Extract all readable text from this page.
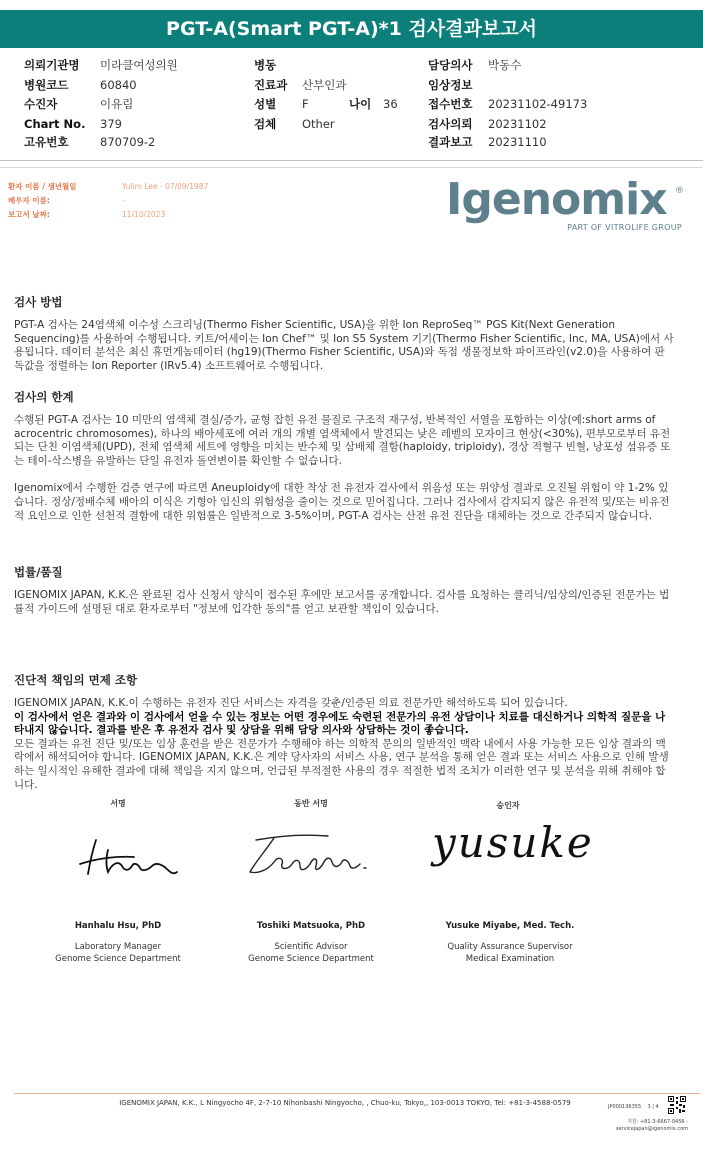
PGT-A(Smart PGT-A)*1 검사결과보고서
의뢰기관명 미라클여성의원
병원코드	60840
수진자	이유림
Chart No. 379
고유번호	870709-2
병동
진료과 산부인과
성별 F	나이 36
검체 Other
담당의사 박동수
임상정보
접수번호 20231102-49173
검사의뢰 20231102
결과보고 20231110
환자 이름 / 생년월일	Yulim Lee - 07/09/1987
배우자 이름:	-
보고서 날짜:	11/10/2023	Igenomix ®
PART OF VITROLIFE GROUP
검사 방법
PGT-A 검사는 24염색체 이수성 스크리닝(Thermo Fisher Scientific, USA)을 위한 Ion ReproSeq™ PGS Kit(Next Generation Sequencing)를 사용하여 수행됩니다. 키트/어세이는 Ion Chef™ 및 Ion S5 System 기기(Thermo Fisher Scientific, Inc, MA, USA)에서 사용됩니다. 데이터 분석은 최신 휴먼게놈데이터 (hg19)(Thermo Fisher Scientific, USA)와 독점 생물정보학 파이프라인(v2.0)을 사용하여 판독값을 정렬하는 Ion Reporter (IRv5.4) 소프트웨어로 수행됩니다.
검사의 한계
수행된 PGT-A 검사는 10 미만의 염색체 결실/증가, 균형 잡힌 유전 물질로 구조적 재구성, 반복적인 서열을 포함하는 이상(예:short arms of acrocentric chromosomes), 하나의 배아세포에 여러 개의 개별 염색체에서 발견되는 낮은 레벨의 모자이크 현상(<30%), 편부모로부터 유전되는 단친 이염색체(UPD), 전체 염색체 세트에 영향을 미치는 반수체 및 삼배체 결함(haploidy, triploidy), 경상 적혈구 빈혈, 낭포성 섬유증 또는 테이-삭스병을 유발하는 단일 유전자 돌연변이를 확인할 수 없습니다.
Igenomix에서 수행한 검증 연구에 따르면 Aneuploidy에 대한 착상 전 유전자 검사에서 위음성 또는 위양성 결과로 오진될 위험이 약 1-2% 있습니다. 정상/정배수체 배아의 이식은 기형아 임신의 위험성을 줄이는 것으로 믿어집니다. 그러나 검사에서 감지되지 않은 유전적 및/또는 비유전적 요인으로 인한 선천적 결함에 대한 위험률은 일반적으로 3-5%이며, PGT-A 검사는 산전 유전 진단을 대체하는 것으로 간주되지 않습니다.
법률/품질
IGENOMIX JAPAN, K.K.은 완료된 검사 신청서 양식이 접수된 후에만 보고서를 공개합니다. 검사를 요청하는 클리닉/임상의/인증된 전문가는 법률적 가이드에 설명된 대로 환자로부터 "정보에 입각한 동의"를 얻고 보관할 책임이 있습니다.
진단적 책임의 면제 조항
IGENOMIX JAPAN, K.K.이 수행하는 유전자 진단 서비스는 자격을 갖춘/인증된 의료 전문가만 해석하도록 되어 있습니다.
이 검사에서 얻은 결과와 이 검사에서 얻을 수 있는 정보는 어떤 경우에도 숙련된 전문가의 유전 상담이나 치료를 대신하거나 의학적 질문을 나타내지 않습니다. 결과를 받은 후 유전자 검사 및 상담을 위해 담당 의사와 상담하는 것이 좋습니다.
모든 결과는 유전 진단 및/또는 임상 훈련을 받은 전문가가 수행해야 하는 의학적 문의의 일반적인 맥락 내에서 사용 가능한 모든 임상 결과의 맥락에서 해석되어야 합니다. IGENOMIX JAPAN, K.K.은 계약 당사자의 서비스 사용, 연구 분석을 통해 얻은 결과 또는 서비스 사용으로 인해 발생하는 일시적인 유해한 결과에 대해 책임을 지지 않으며, 언급된 부적절한 사용의 경우 적절한 법적 조치가 이러한 연구 및 분석을 위해 취해야 합니다.
서명	동반 서명	승인자
yusuke
Hanhalu Hsu, PhD	Toshiki Matsuoka, PhD	Yusuke Miyabe, Med. Tech.
Laboratory Manager
Genome Science Department
Scientific Advisor
Genome Science Department
Quality Assurance Supervisor
Medical Examination
IGENOMIX JAPAN, K.K., L Ningyocho 4F, 2-7-10 Nihonbashi Ningyocho, , Chuo-ku, Tokyo,, 103-0013 TOKYO, Tel: +81-3-4588-0579	JP000136355 3 | 4
지원: +81-3-6667-0456 -
servicejapan@igenomix.com
